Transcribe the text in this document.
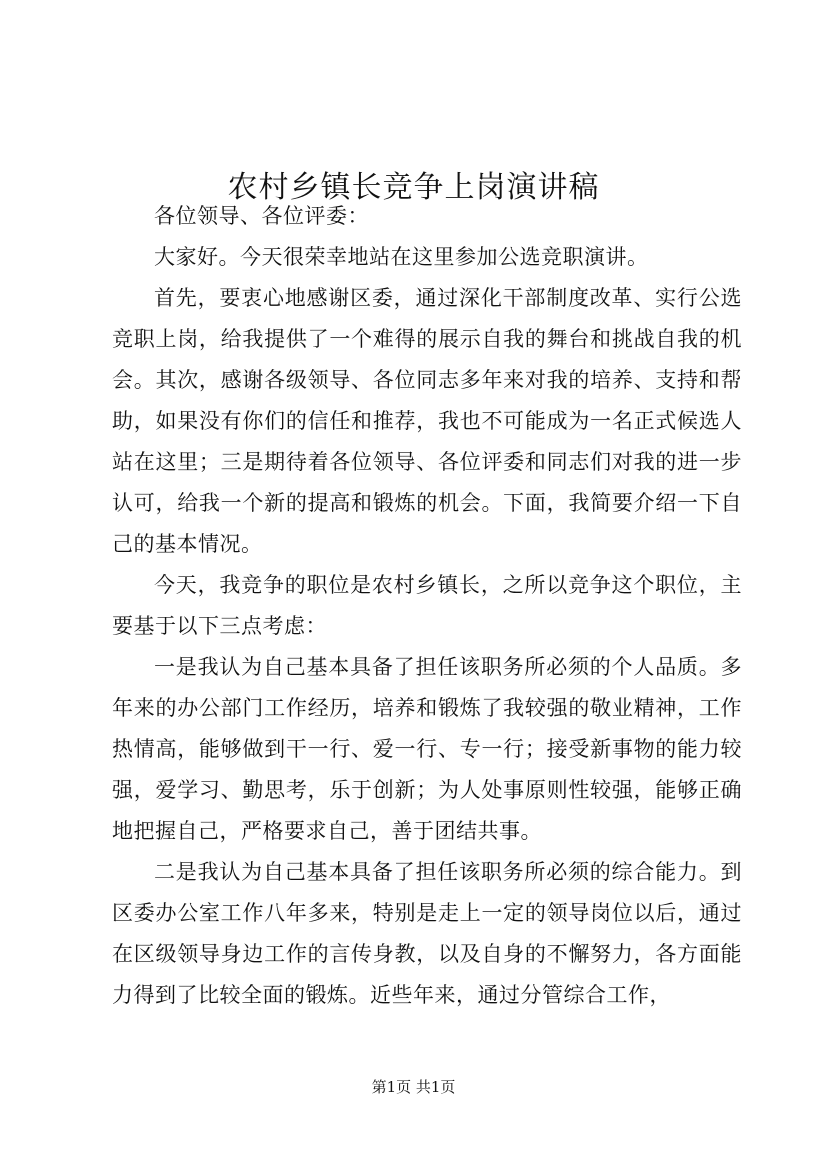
农村乡镇长竞争上岗演讲稿

各位领导、各位评委：

大家好。今天很荣幸地站在这里参加公选竞职演讲。

首先，要衷心地感谢区委，通过深化干部制度改革、实行公选竞职上岗，给我提供了一个难得的展示自我的舞台和挑战自我的机会。其次，感谢各级领导、各位同志多年来对我的培养、支持和帮助，如果没有你们的信任和推荐，我也不可能成为一名正式候选人站在这里；三是期待着各位领导、各位评委和同志们对我的进一步认可，给我一个新的提高和锻炼的机会。下面，我简要介绍一下自己的基本情况。

今天，我竞争的职位是农村乡镇长，之所以竞争这个职位，主要基于以下三点考虑：

一是我认为自己基本具备了担任该职务所必须的个人品质。多年来的办公部门工作经历，培养和锻炼了我较强的敬业精神，工作热情高，能够做到干一行、爱一行、专一行；接受新事物的能力较强，爱学习、勤思考，乐于创新；为人处事原则性较强，能够正确地把握自己，严格要求自己，善于团结共事。

二是我认为自己基本具备了担任该职务所必须的综合能力。到区委办公室工作八年多来，特别是走上一定的领导岗位以后，通过在区级领导身边工作的言传身教，以及自身的不懈努力，各方面能力得到了比较全面的锻炼。近些年来，通过分管综合工作，

第1页 共1页
